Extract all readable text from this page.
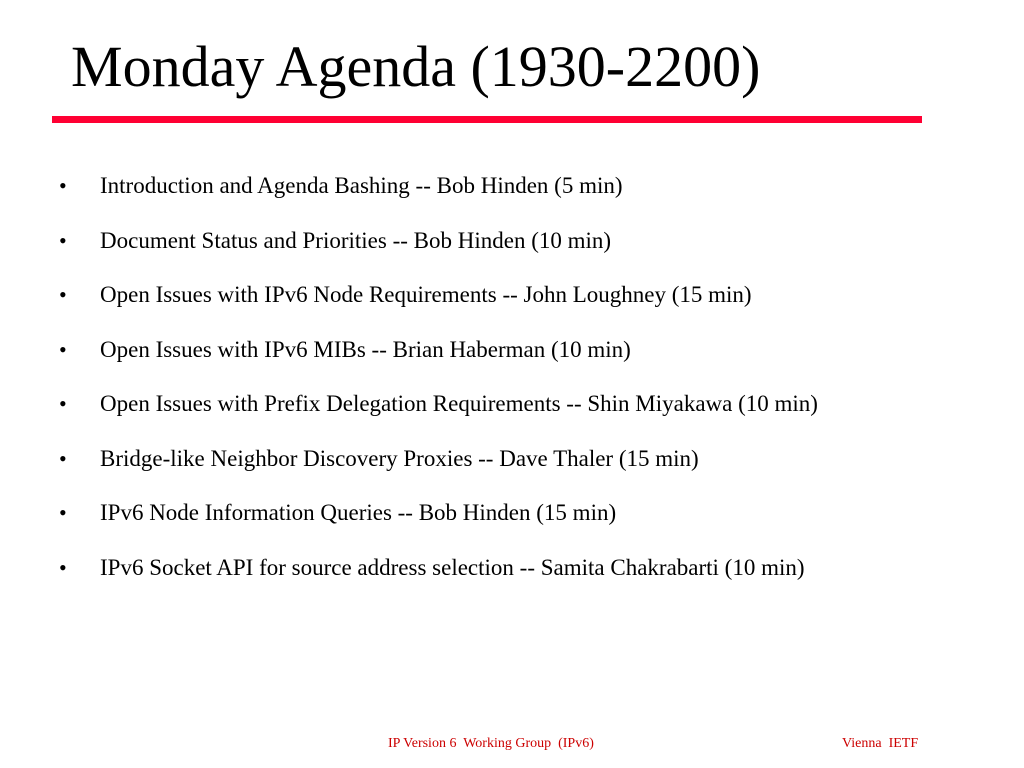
Monday Agenda (1930-2200)
• Introduction and Agenda Bashing -- Bob Hinden (5 min)
• Document Status and Priorities -- Bob Hinden (10 min)
• Open Issues with IPv6 Node Requirements -- John Loughney (15 min)
• Open Issues with IPv6 MIBs -- Brian Haberman (10 min)
• Open Issues with Prefix Delegation Requirements -- Shin Miyakawa (10 min)
• Bridge-like Neighbor Discovery Proxies -- Dave Thaler (15 min)
• IPv6 Node Information Queries -- Bob Hinden (15 min)
• IPv6 Socket API for source address selection -- Samita Chakrabarti (10 min)
IP Version 6  Working Group  (IPv6)	Vienna  IETF
